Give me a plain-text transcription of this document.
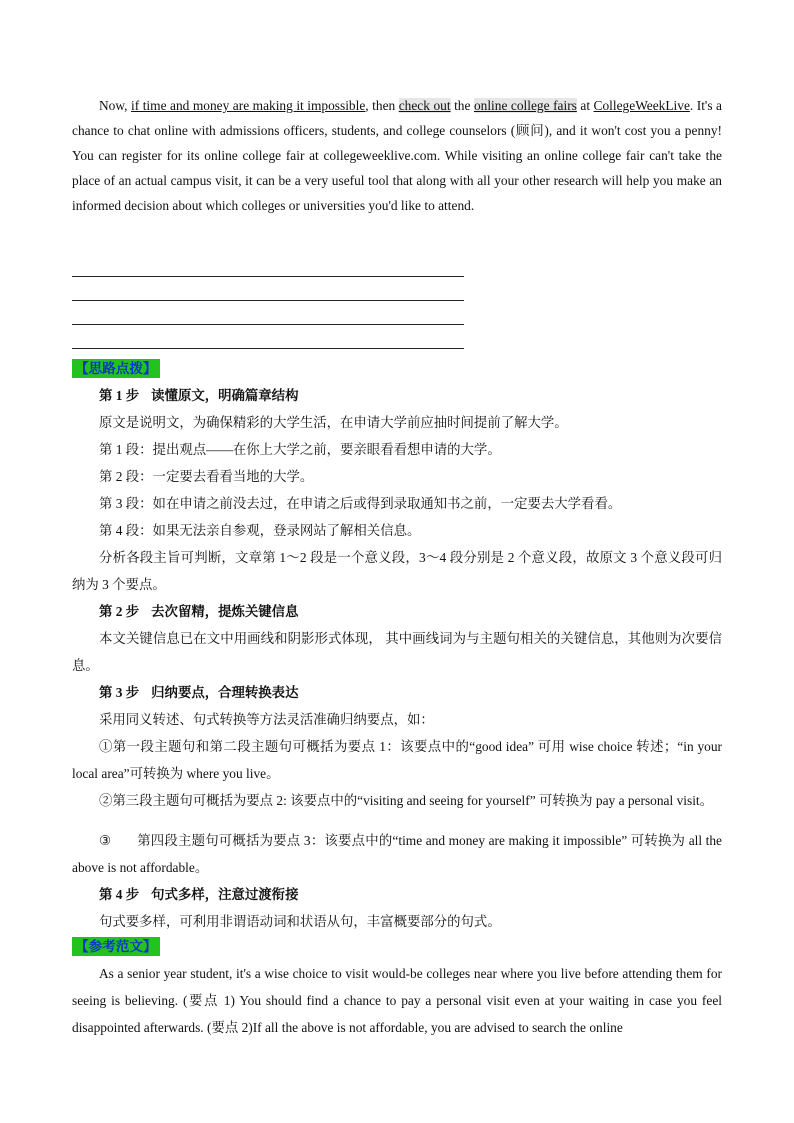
Now, if time and money are making it impossible, then check out the online college fairs at CollegeWeekLive. It's a chance to chat online with admissions officers, students, and college counselors (顾问), and it won't cost you a penny! You can register for its online college fair at collegeweeklive.com. While visiting an online college fair can't take the place of an actual campus visit, it can be a very useful tool that along with all your other research will help you make an informed decision about which colleges or universities you'd like to attend.

【思路点拨】

第 1 步 读懂原文，明确篇章结构

原文是说明文，为确保精彩的大学生活，在申请大学前应抽时间提前了解大学。

第 1 段：提出观点——在你上大学之前，要亲眼看看想申请的大学。

第 2 段：一定要去看看当地的大学。

第 3 段：如在申请之前没去过，在申请之后或得到录取通知书之前，一定要去大学看看。

第 4 段：如果无法亲自参观，登录网站了解相关信息。

分析各段主旨可判断，文章第 1～2 段是一个意义段，3～4 段分别是 2 个意义段，故原文 3 个意义段可归纳为 3 个要点。

第 2 步 去次留精，提炼关键信息

本文关键信息已在文中用画线和阴影形式体现， 其中画线词为与主题句相关的关键信息，其他则为次要信息。

第 3 步 归纳要点，合理转换表达

采用同义转述、句式转换等方法灵活准确归纳要点，如：

①第一段主题句和第二段主题句可概括为要点 1：该要点中的“good idea” 可用 wise choice 转述；“in your local area”可转换为 where you live。

②第三段主题句可概括为要点 2: 该要点中的“visiting and seeing for yourself” 可转换为 pay a personal visit。

③ 第四段主题句可概括为要点 3：该要点中的“time and money are making it impossible” 可转换为 all the above is not affordable。

第 4 步 句式多样，注意过渡衔接

句式要多样，可利用非谓语动词和状语从句，丰富概要部分的句式。

【参考范文】

As a senior year student, it's a wise choice to visit would-be colleges near where you live before attending them for seeing is believing. (要点 1) You should find a chance to pay a personal visit even at your waiting in case you feel disappointed afterwards. (要点 2)If all the above is not affordable, you are advised to search the online
